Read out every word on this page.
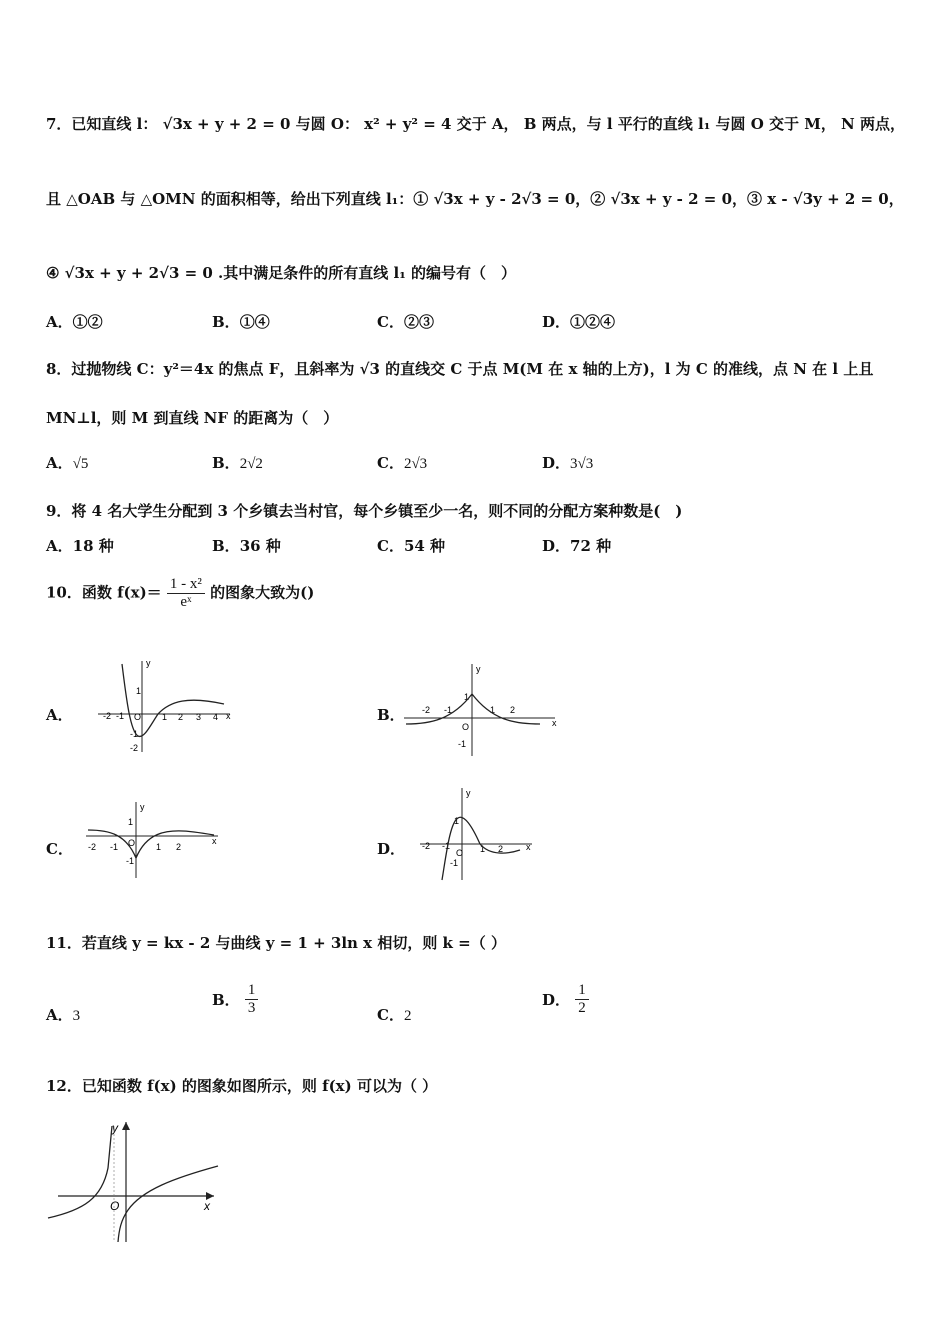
7．已知直线 l： √3x + y + 2 = 0 与圆 O： x² + y² = 4 交于 A， B 两点，与 l 平行的直线 l₁ 与圆 O 交于 M， N 两点，
且 △OAB 与 △OMN 的面积相等，给出下列直线 l₁：① √3x + y - 2√3 = 0，② √3x + y - 2 = 0，③ x - √3y + 2 = 0，
④ √3x + y + 2√3 = 0 .其中满足条件的所有直线 l₁ 的编号有（　）
A．①②	B．①④	C．②③	D．①②④
8．过抛物线 C：y²＝4x 的焦点 F，且斜率为 √3 的直线交 C 于点 M(M 在 x 轴的上方)，l 为 C 的准线，点 N 在 l 上且
MN⊥l，则 M 到直线 NF 的距离为（　）
A．√5	B．2√2	C．2√3	D．3√3
9．将 4 名大学生分配到 3 个乡镇去当村官，每个乡镇至少一名，则不同的分配方案种数是(　)
A．18 种	B．36 种	C．54 种	D．72 种
10．函数 $f(x)= \frac{\text{1 - x²}}{\text{eˣ}}$ 的图象大致为()
A．
y
x
O
-2 -1	1 2 3 4
1
-1
-2
B．
y
x
O
-2 -1	1 2
1
-1
C．
y
x
O
-2 -1	1 2
1
-1
D．
y
x
O
-2 -1	1 2
1
-1
11．若直线 y = kx - 2 与曲线 y = 1 + 3ln x 相切，则 k =（ ）
A．3
B． $\frac{1}{3}$	C．2
D． $\frac{1}{2}$
12．已知函数 f(x) 的图象如图所示，则 f(x) 可以为（ ）
y
x
O
